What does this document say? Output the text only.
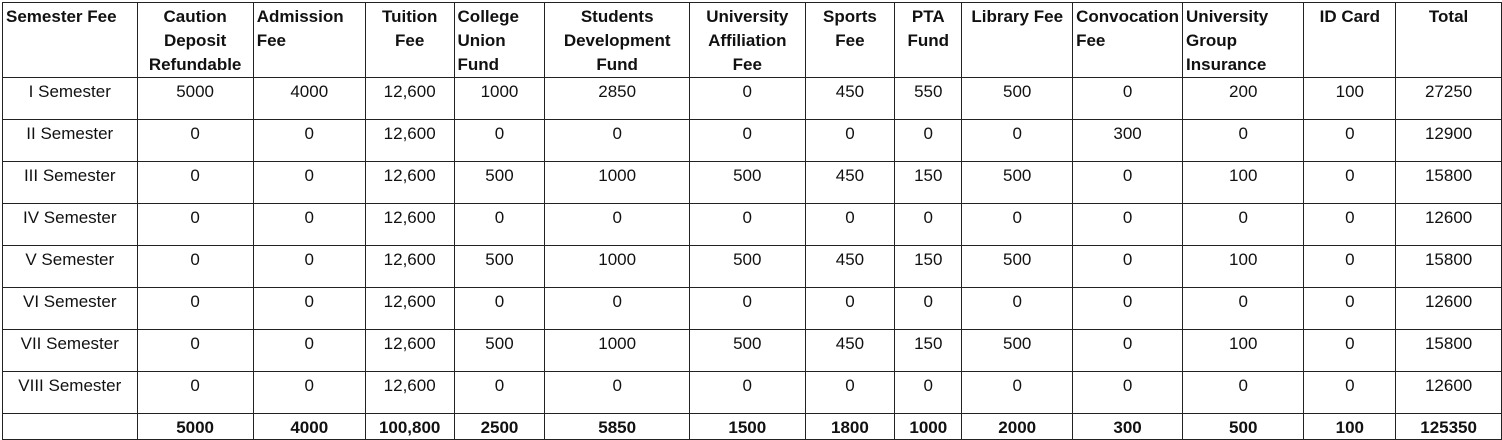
Semester Fee	Caution Deposit Refundable	Admission Fee	Tuition Fee	College Union Fund	Students Development Fund	University Affiliation Fee	Sports Fee	PTA Fund	Library Fee	Convocation Fee	University Group Insurance	ID Card	Total
I Semester	5000	4000	12,600	1000	2850	0	450	550	500	0	200	100	27250
II Semester	0	0	12,600	0	0	0	0	0	0	300	0	0	12900
III Semester	0	0	12,600	500	1000	500	450	150	500	0	100	0	15800
IV Semester	0	0	12,600	0	0	0	0	0	0	0	0	0	12600
V Semester	0	0	12,600	500	1000	500	450	150	500	0	100	0	15800
VI Semester	0	0	12,600	0	0	0	0	0	0	0	0	0	12600
VII Semester	0	0	12,600	500	1000	500	450	150	500	0	100	0	15800
VIII Semester	0	0	12,600	0	0	0	0	0	0	0	0	0	12600
	5000	4000	100,800	2500	5850	1500	1800	1000	2000	300	500	100	125350
